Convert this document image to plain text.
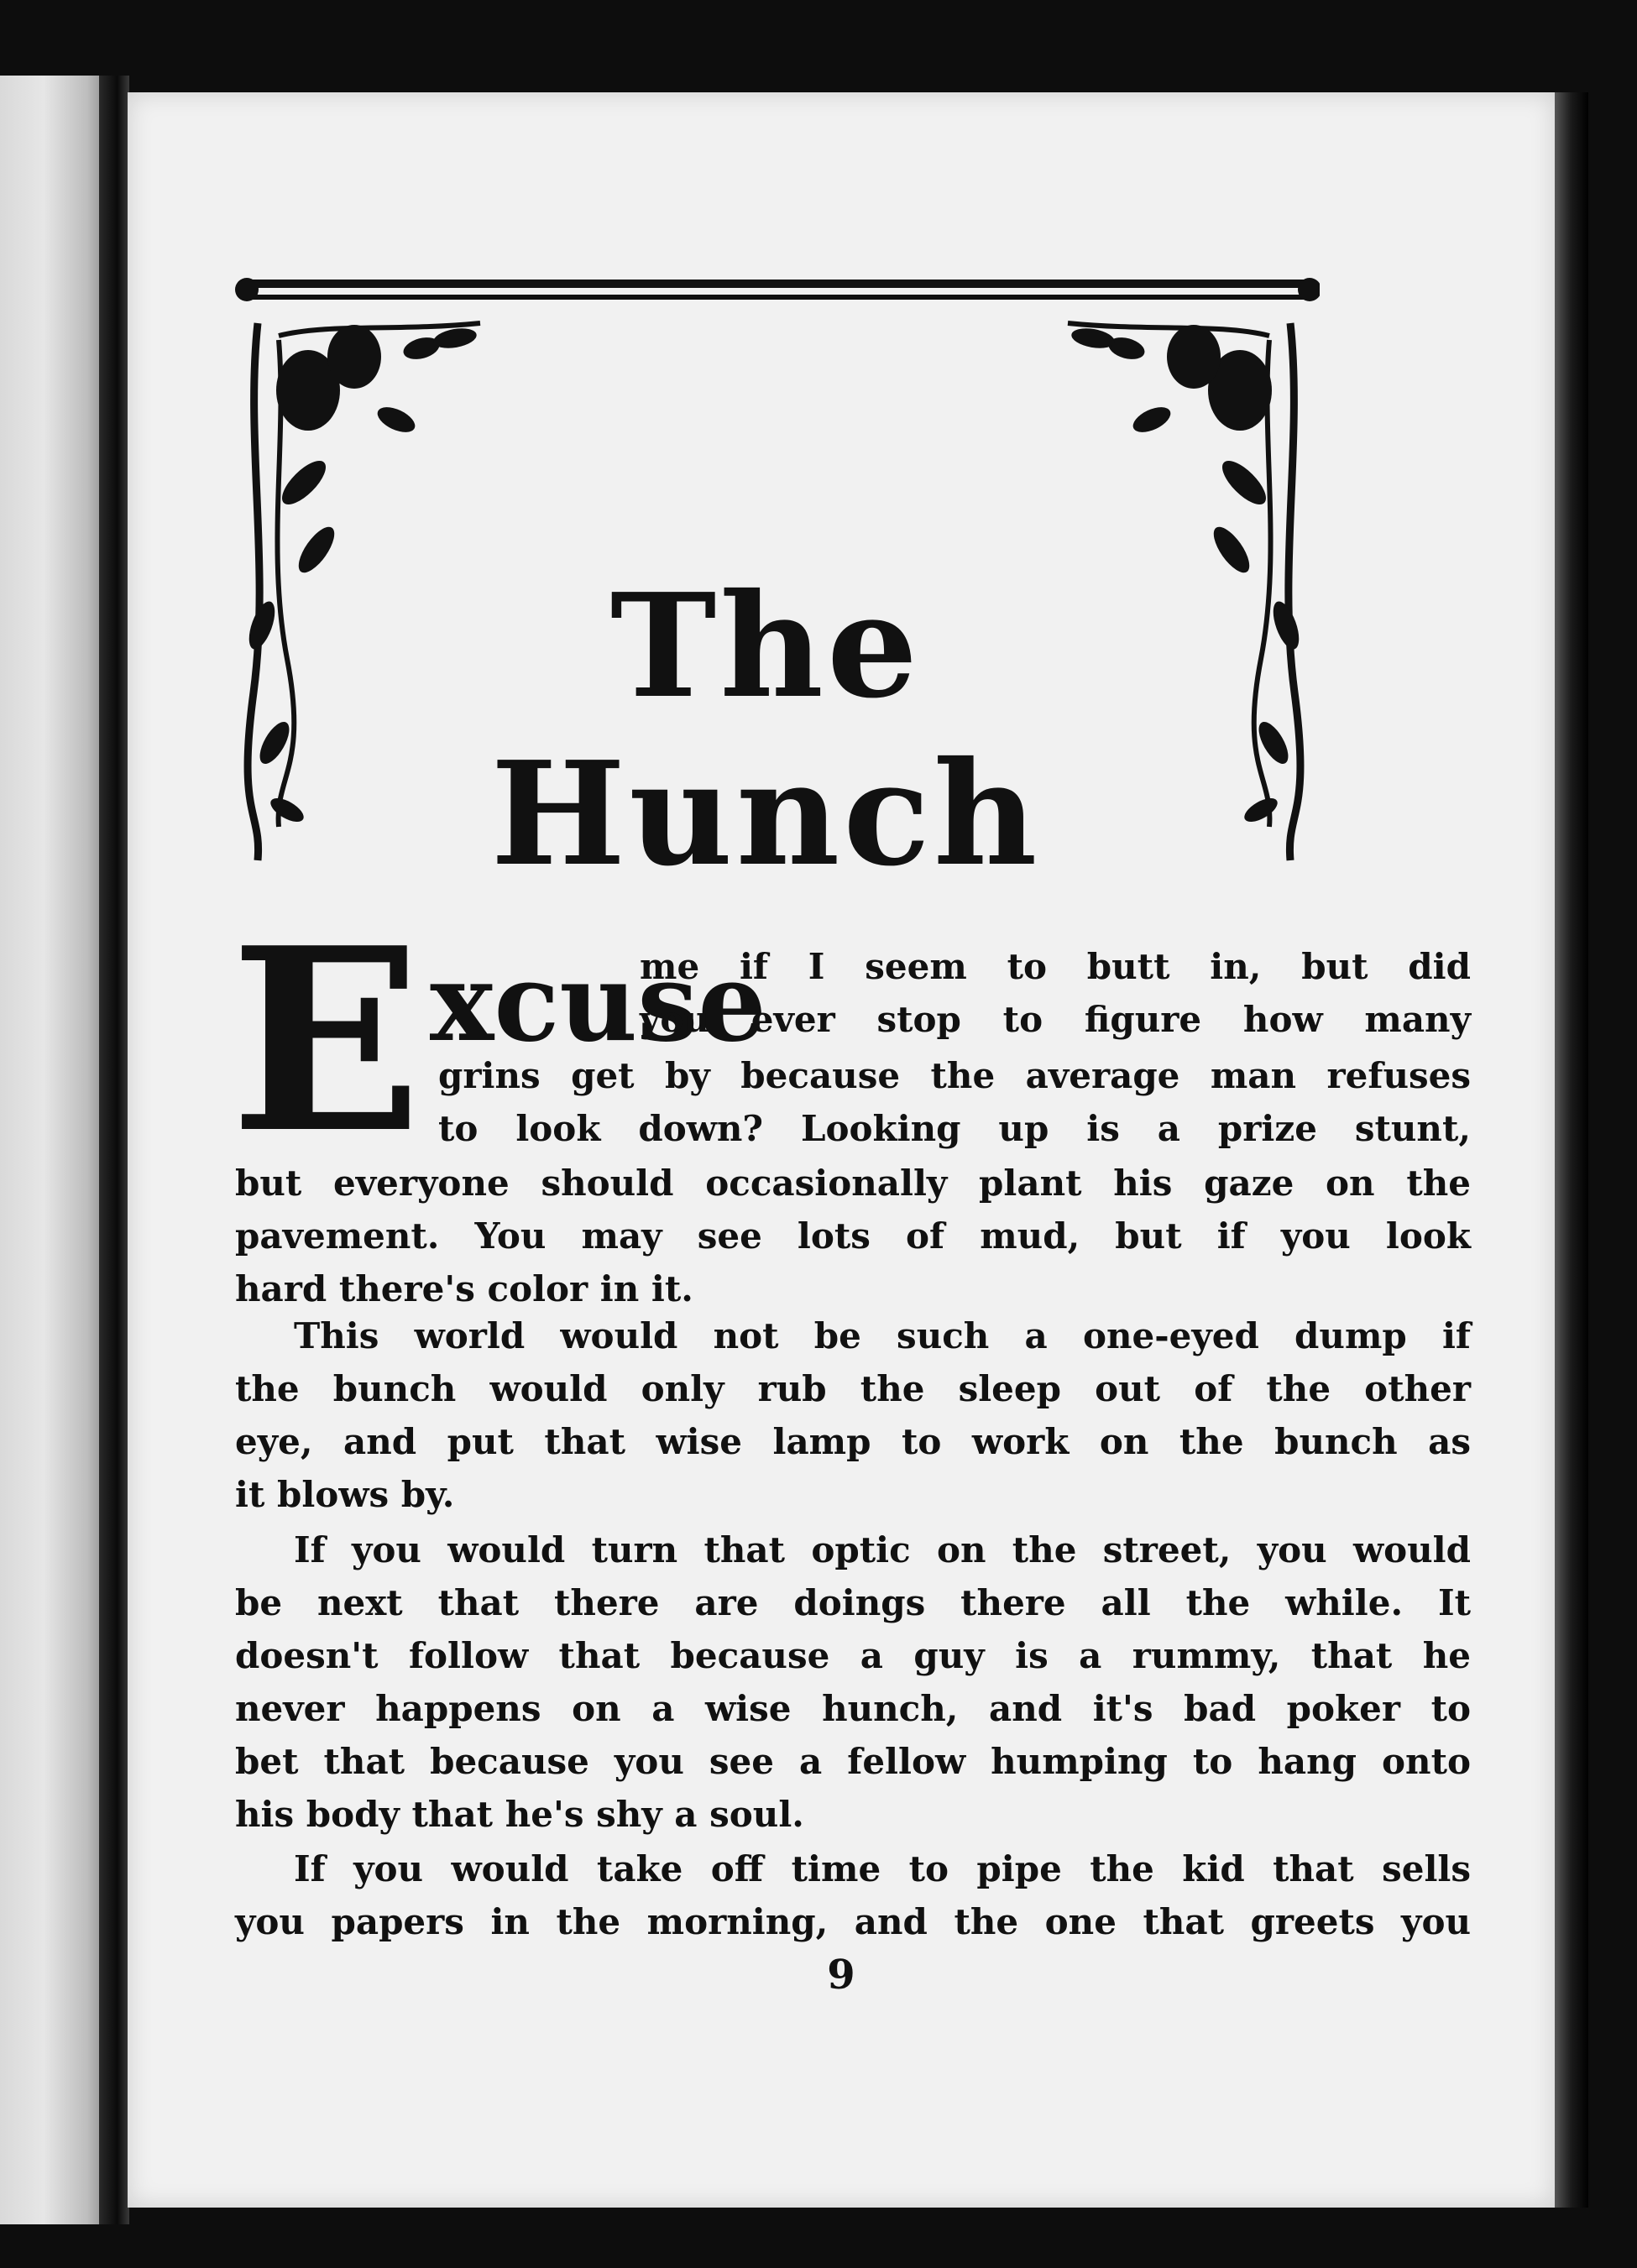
The Hunch
E xcuse
me if I seem to butt in, but did
you ever stop to figure how many
grins get by because the average man refuses
to look down? Looking up is a prize stunt,
but everyone should occasionally plant his gaze on the
pavement. You may see lots of mud, but if you look
hard there's color in it.
This world would not be such a one-eyed dump if
the bunch would only rub the sleep out of the other
eye, and put that wise lamp to work on the bunch as
it blows by.
If you would turn that optic on the street, you would
be next that there are doings there all the while. It
doesn't follow that because a guy is a rummy, that he
never happens on a wise hunch, and it's bad poker to
bet that because you see a fellow humping to hang onto
his body that he's shy a soul.
If you would take off time to pipe the kid that sells
you papers in the morning, and the one that greets you
9
